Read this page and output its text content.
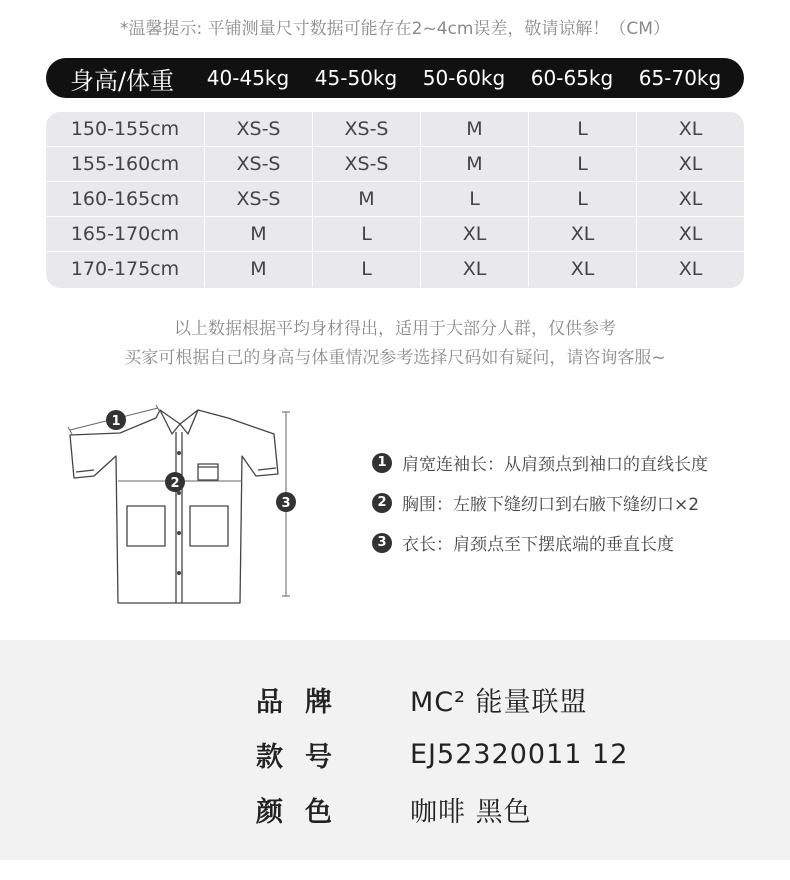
*温馨提示: 平铺测量尺寸数据可能存在2~4cm误差，敬请谅解！（CM）
身高/体重	40-45kg	45-50kg	50-60kg	60-65kg	65-70kg
150-155cm	XS-S	XS-S	M	L	XL
155-160cm	XS-S	XS-S	M	L	XL
160-165cm	XS-S	M	L	L	XL
165-170cm	M	L	XL	XL	XL
170-175cm	M	L	XL	XL	XL
以上数据根据平均身材得出，适用于大部分人群，仅供参考
买家可根据自己的身高与体重情况参考选择尺码如有疑问，请咨询客服~
1
2
3
1 肩宽连袖长：从肩颈点到袖口的直线长度
2 胸围：左腋下缝纫口到右腋下缝纫口×2
3 衣长：肩颈点至下摆底端的垂直长度
品牌	MC² 能量联盟
款号	EJ52320011 12
颜色	咖啡 黑色
